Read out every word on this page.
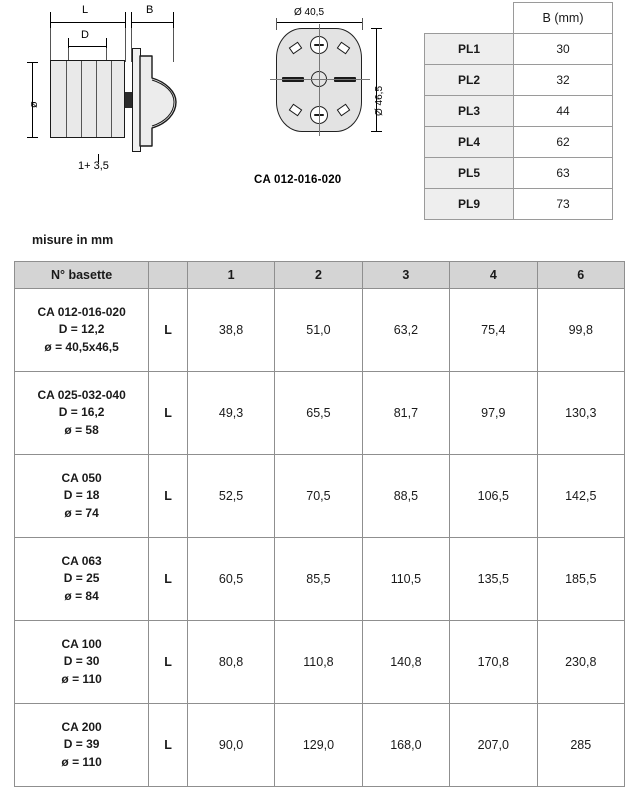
L	B
D
ø
1+ 3,5
Ø 40,5
Ø 46,5
CA 012-016-020
	B (mm)
PL1	30
PL2	32
PL3	44
PL4	62
PL5	63
PL9	73
misure in mm
N° basette		1	2	3	4	6

CA 012-016-020
D = 12,2
ø = 40,5x46,5	L	38,8	51,0	63,2	75,4	99,8

CA 025-032-040
D = 16,2
ø = 58	L	49,3	65,5	81,7	97,9	130,3

CA 050
D = 18
ø = 74	L	52,5	70,5	88,5	106,5	142,5

CA 063
D = 25
ø = 84	L	60,5	85,5	110,5	135,5	185,5

CA 100
D = 30
ø = 110	L	80,8	110,8	140,8	170,8	230,8

CA 200
D = 39
ø = 110	L	90,0	129,0	168,0	207,0	285
